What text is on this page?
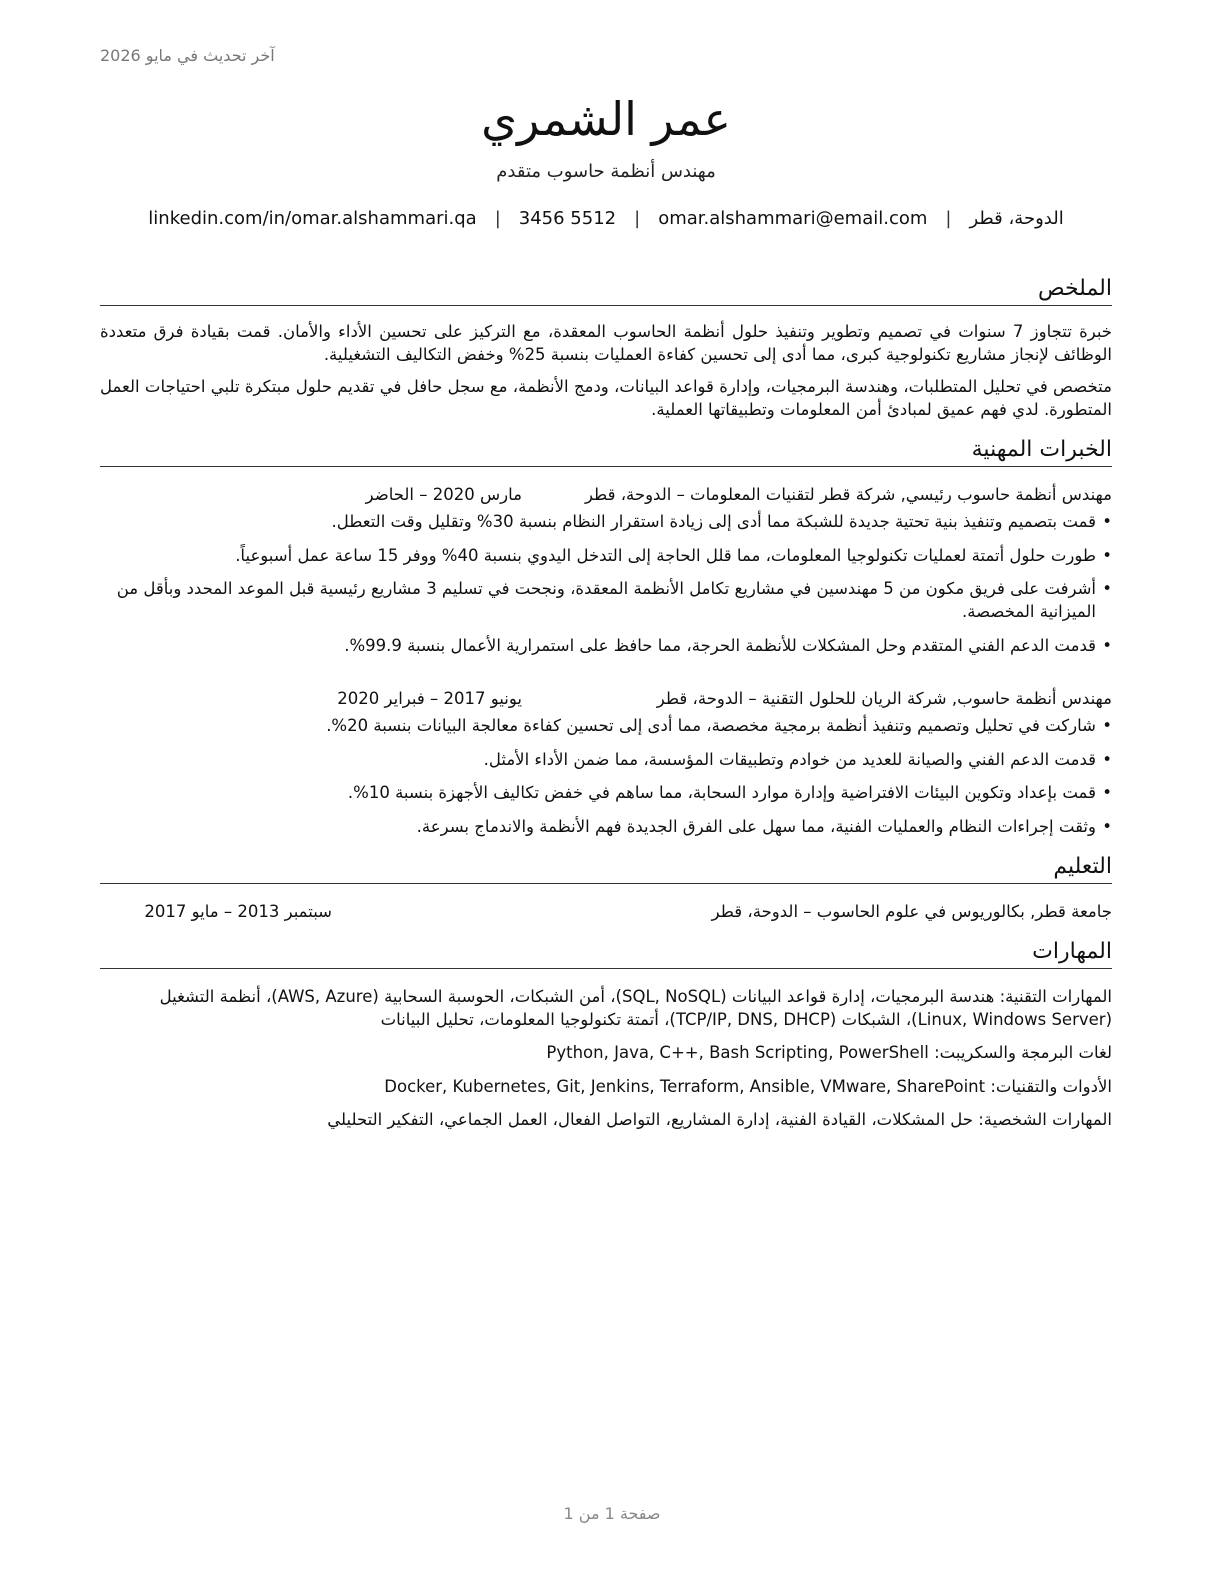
آخر تحديث في مايو 2026
عمر الشمري
مهندس أنظمة حاسوب متقدم
الدوحة، قطر
|
omar.alshammari@email.com
|
3456 5512
|
linkedin.com/in/omar.alshammari.qa
الملخص

خبرة تتجاوز 7 سنوات في تصميم وتطوير وتنفيذ حلول أنظمة الحاسوب المعقدة، مع التركيز على تحسين الأداء والأمان. قمت بقيادة فرق متعددة الوظائف لإنجاز مشاريع تكنولوجية كبرى، مما أدى إلى تحسين كفاءة العمليات بنسبة 25% وخفض التكاليف التشغيلية.

متخصص في تحليل المتطلبات، وهندسة البرمجيات، وإدارة قواعد البيانات، ودمج الأنظمة، مع سجل حافل في تقديم حلول مبتكرة تلبي احتياجات العمل المتطورة. لدي فهم عميق لمبادئ أمن المعلومات وتطبيقاتها العملية.

الخبرات المهنية
مهندس أنظمة حاسوب رئيسي, شركة قطر لتقنيات المعلومات – الدوحة، قطر
مارس 2020 – الحاضر
• قمت بتصميم وتنفيذ بنية تحتية جديدة للشبكة مما أدى إلى زيادة استقرار النظام بنسبة 30% وتقليل وقت التعطل.
• طورت حلول أتمتة لعمليات تكنولوجيا المعلومات، مما قلل الحاجة إلى التدخل اليدوي بنسبة 40% ووفر 15 ساعة عمل أسبوعياً.
• أشرفت على فريق مكون من 5 مهندسين في مشاريع تكامل الأنظمة المعقدة، ونجحت في تسليم 3 مشاريع رئيسية قبل الموعد المحدد وبأقل من الميزانية المخصصة.
• قدمت الدعم الفني المتقدم وحل المشكلات للأنظمة الحرجة، مما حافظ على استمرارية الأعمال بنسبة 99.9%.
مهندس أنظمة حاسوب, شركة الريان للحلول التقنية – الدوحة، قطر
يونيو 2017 – فبراير 2020
• شاركت في تحليل وتصميم وتنفيذ أنظمة برمجية مخصصة، مما أدى إلى تحسين كفاءة معالجة البيانات بنسبة 20%.
• قدمت الدعم الفني والصيانة للعديد من خوادم وتطبيقات المؤسسة، مما ضمن الأداء الأمثل.
• قمت بإعداد وتكوين البيئات الافتراضية وإدارة موارد السحابة، مما ساهم في خفض تكاليف الأجهزة بنسبة 10%.
• وثقت إجراءات النظام والعمليات الفنية، مما سهل على الفرق الجديدة فهم الأنظمة والاندماج بسرعة.
التعليم
جامعة قطر, بكالوريوس في علوم الحاسوب – الدوحة، قطر
سبتمبر 2013 – مايو 2017
المهارات

المهارات التقنية: هندسة البرمجيات، إدارة قواعد البيانات (SQL, NoSQL)، أمن الشبكات، الحوسبة السحابية (AWS, Azure)، أنظمة التشغيل (Linux, Windows Server)، الشبكات (TCP/IP, DNS, DHCP)، أتمتة تكنولوجيا المعلومات، تحليل البيانات

لغات البرمجة والسكريبت: Python, Java, C++, Bash Scripting, PowerShell

الأدوات والتقنيات: Docker, Kubernetes, Git, Jenkins, Terraform, Ansible, VMware, SharePoint

المهارات الشخصية: حل المشكلات، القيادة الفنية، إدارة المشاريع، التواصل الفعال، العمل الجماعي، التفكير التحليلي

صفحة 1 من 1
